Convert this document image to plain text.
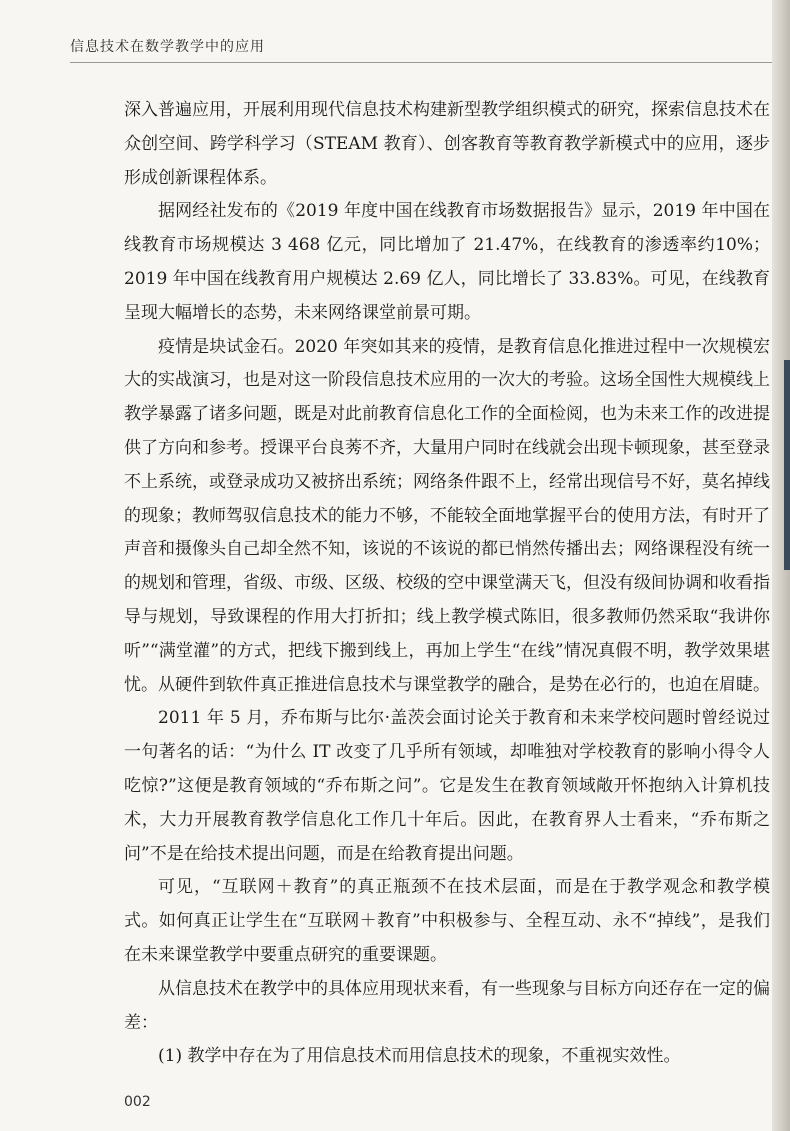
信息技术在数学教学中的应用

深入普遍应用，开展利用现代信息技术构建新型教学组织模式的研究，探索信息技术在众创空间、跨学科学习（STEAM 教育）、创客教育等教育教学新模式中的应用，逐步形成创新课程体系。

据网经社发布的《2019 年度中国在线教育市场数据报告》显示，2019 年中国在线教育市场规模达 3 468 亿元，同比增加了 21.47%，在线教育的渗透率约10%；2019 年中国在线教育用户规模达 2.69 亿人，同比增长了 33.83%。可见，在线教育呈现大幅增长的态势，未来网络课堂前景可期。

疫情是块试金石。2020 年突如其来的疫情，是教育信息化推进过程中一次规模宏大的实战演习，也是对这一阶段信息技术应用的一次大的考验。这场全国性大规模线上教学暴露了诸多问题，既是对此前教育信息化工作的全面检阅，也为未来工作的改进提供了方向和参考。授课平台良莠不齐，大量用户同时在线就会出现卡顿现象，甚至登录不上系统，或登录成功又被挤出系统；网络条件跟不上，经常出现信号不好，莫名掉线的现象；教师驾驭信息技术的能力不够，不能较全面地掌握平台的使用方法，有时开了声音和摄像头自己却全然不知，该说的不该说的都已悄然传播出去；网络课程没有统一的规划和管理，省级、市级、区级、校级的空中课堂满天飞，但没有级间协调和收看指导与规划，导致课程的作用大打折扣；线上教学模式陈旧，很多教师仍然采取“我讲你听”“满堂灌”的方式，把线下搬到线上，再加上学生“在线”情况真假不明，教学效果堪忧。从硬件到软件真正推进信息技术与课堂教学的融合，是势在必行的，也迫在眉睫。

2011 年 5 月，乔布斯与比尔·盖茨会面讨论关于教育和未来学校问题时曾经说过一句著名的话：“为什么 IT 改变了几乎所有领域，却唯独对学校教育的影响小得令人吃惊?”这便是教育领域的“乔布斯之问”。它是发生在教育领域敞开怀抱纳入计算机技术，大力开展教育教学信息化工作几十年后。因此，在教育界人士看来，“乔布斯之问”不是在给技术提出问题，而是在给教育提出问题。

可见，“互联网＋教育”的真正瓶颈不在技术层面，而是在于教学观念和教学模式。如何真正让学生在“互联网＋教育”中积极参与、全程互动、永不“掉线”，是我们在未来课堂教学中要重点研究的重要课题。

从信息技术在教学中的具体应用现状来看，有一些现象与目标方向还存在一定的偏差：

(1) 教学中存在为了用信息技术而用信息技术的现象，不重视实效性。

002
